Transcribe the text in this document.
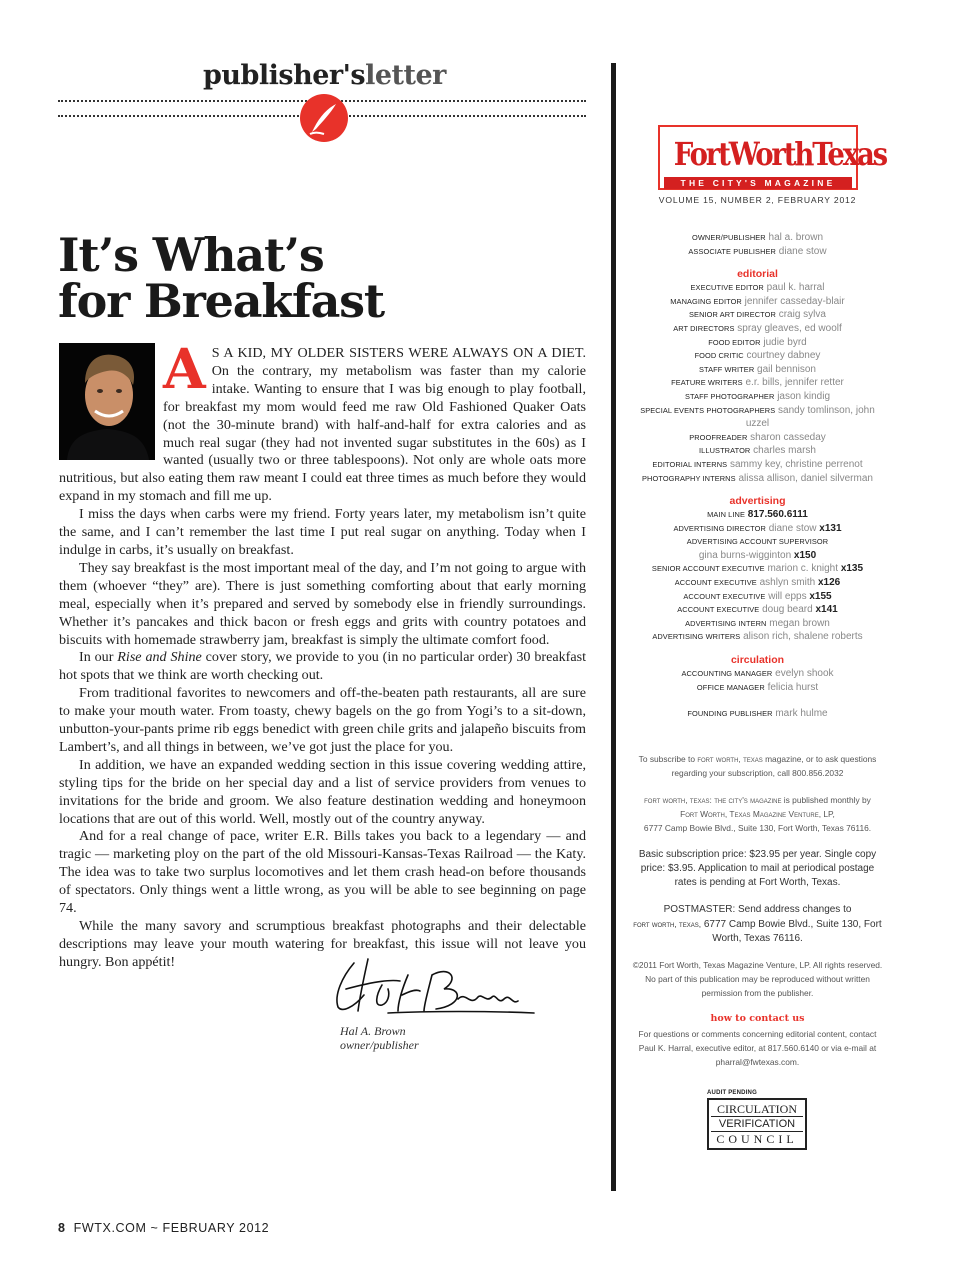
publisher'sletter
It’s What’s
for Breakfast

A S A KID, MY OLDER SISTERS WERE ALWAYS ON A DIET. On the contrary, my metabolism was faster than my calorie intake. Wanting to ensure that I was big enough to play football, for breakfast my mom would feed me raw Old Fashioned Quaker Oats (not the 30-minute brand) with half-and-half for extra calories and as much real sugar (they had not invented sugar substitutes in the 60s) as I wanted (usually two or three tablespoons). Not only are whole oats more nutritious, but also eating them raw meant I could eat three times as much before they would expand in my stomach and fill me up.

I miss the days when carbs were my friend. Forty years later, my metabolism isn’t quite the same, and I can’t remember the last time I put real sugar on anything. Today when I indulge in carbs, it’s usually on breakfast.

They say breakfast is the most important meal of the day, and I’m not going to argue with them (whoever “they” are). There is just something comforting about that early morning meal, especially when it’s prepared and served by somebody else in friendly surroundings. Whether it’s pancakes and thick bacon or fresh eggs and grits with country potatoes and biscuits with homemade strawberry jam, breakfast is simply the ultimate comfort food.

In our Rise and Shine cover story, we provide to you (in no particular order) 30 breakfast hot spots that we think are worth checking out.

From traditional favorites to newcomers and off-the-beaten path restaurants, all are sure to make your mouth water. From toasty, chewy bagels on the go from Yogi’s to a sit-down, unbutton-your-pants prime rib eggs benedict with green chile grits and jalapeño biscuits from Lambert’s, and all things in between, we’ve got just the place for you.

In addition, we have an expanded wedding section in this issue covering wedding attire, styling tips for the bride on her special day and a list of service providers from venues to invitations for the bride and groom. We also feature destination wedding and honeymoon locations that are out of this world. Well, mostly out of the country anyway.

And for a real change of pace, writer E.R. Bills takes you back to a legendary — and tragic — marketing ploy on the part of the old Missouri-Kansas-Texas Railroad — the Katy. The idea was to take two surplus locomotives and let them crash head-on before thousands of spectators. Only things went a little wrong, as you will be able to see beginning on page 74.

While the many savory and scrumptious breakfast photographs and their delectable descriptions may leave your mouth watering for breakfast, this issue will not leave you hungry. Bon appétit!

Hal A. Brown
owner/publisher
FortWorthTexas
THE CITY'S MAGAZINE
VOLUME 15, NUMBER 2, FEBRUARY 2012
OWNER/PUBLISHER hal a. brown
ASSOCIATE PUBLISHER diane stow
editorial
EXECUTIVE EDITOR paul k. harral
MANAGING EDITOR jennifer casseday-blair
SENIOR ART DIRECTOR craig sylva
ART DIRECTORS spray gleaves, ed woolf
FOOD EDITOR judie byrd
FOOD CRITIC courtney dabney
STAFF WRITER gail bennison
FEATURE WRITERS e.r. bills, jennifer retter
STAFF PHOTOGRAPHER jason kindig
SPECIAL EVENTS PHOTOGRAPHERS sandy tomlinson, john uzzel
PROOFREADER sharon casseday
ILLUSTRATOR charles marsh
EDITORIAL INTERNS sammy key, christine perrenot
PHOTOGRAPHY INTERNS alissa allison, daniel silverman
advertising
MAIN LINE 817.560.6111
ADVERTISING DIRECTOR diane stow x131
ADVERTISING ACCOUNT SUPERVISOR
gina burns-wigginton x150
SENIOR ACCOUNT EXECUTIVE marion c. knight x135
ACCOUNT EXECUTIVE ashlyn smith x126
ACCOUNT EXECUTIVE will epps x155
ACCOUNT EXECUTIVE doug beard x141
ADVERTISING INTERN megan brown
ADVERTISING WRITERS alison rich, shalene roberts
circulation
ACCOUNTING MANAGER evelyn shook
OFFICE MANAGER felicia hurst
FOUNDING PUBLISHER mark hulme
To subscribe to fort worth, texas magazine, or to ask questions regarding your subscription, call 800.856.2032
fort worth, texas: the city's magazine is published monthly by
Fort Worth, Texas Magazine Venture, LP,
6777 Camp Bowie Blvd., Suite 130, Fort Worth, Texas 76116.
Basic subscription price: $23.95 per year. Single copy price: $3.95. Application to mail at periodical postage rates is pending at Fort Worth, Texas.
POSTMASTER: Send address changes to
fort worth, texas, 6777 Camp Bowie Blvd., Suite 130, Fort Worth, Texas 76116.
©2011 Fort Worth, Texas Magazine Venture, LP. All rights reserved. No part of this publication may be reproduced without written permission from the publisher.
how to contact us
For questions or comments concerning editorial content, contact Paul K. Harral, executive editor, at 817.560.6140 or via e-mail at pharral@fwtexas.com.
AUDIT PENDING
CIRCULATION
VERIFICATION
COUNCIL
8 FWTX.COM ~ FEBRUARY 2012
